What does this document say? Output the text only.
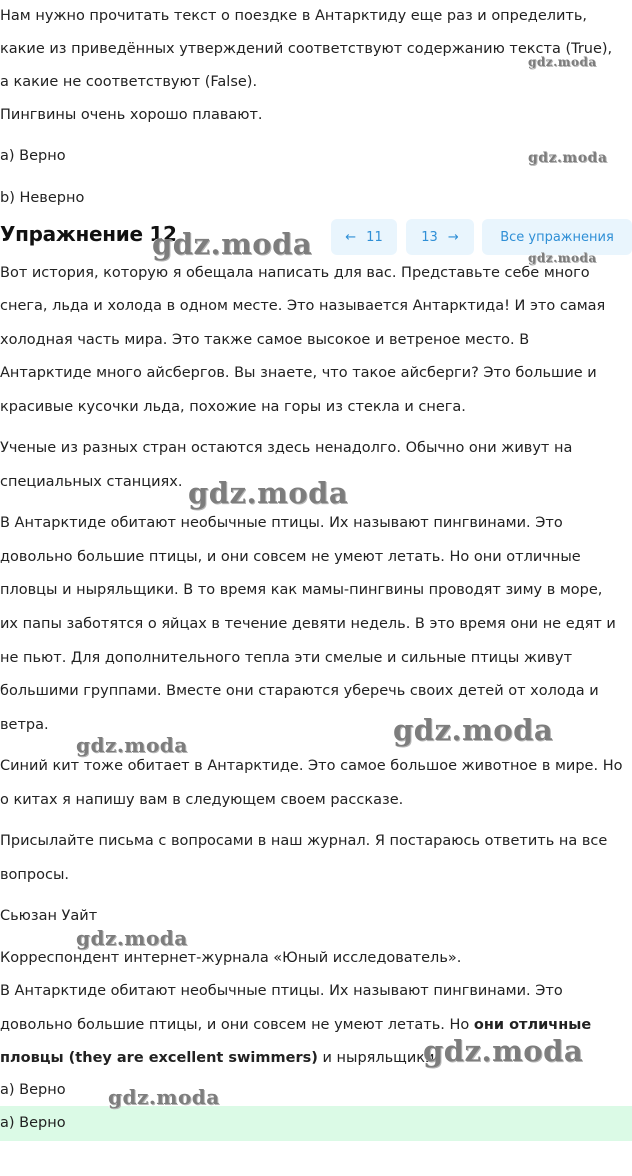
Нам нужно прочитать текст о поездке в Антарктиду еще раз и определить,
какие из приведённых утверждений соответствуют содержанию текста (True),
а какие не соответствуют (False).
Пингвины очень хорошо плавают.
a) Верно
b) Неверно
Упражнение 12	← 11	13 →	Все упражнения
Вот история, которую я обещала написать для вас. Представьте себе много
снега, льда и холода в одном месте. Это называется Антарктида! И это самая
холодная часть мира. Это также самое высокое и ветреное место. В
Антарктиде много айсбергов. Вы знаете, что такое айсберги? Это большие и
красивые кусочки льда, похожие на горы из стекла и снега.
Ученые из разных стран остаются здесь ненадолго. Обычно они живут на
специальных станциях.
В Антарктиде обитают необычные птицы. Их называют пингвинами. Это
довольно большие птицы, и они совсем не умеют летать. Но они отличные
пловцы и ныряльщики. В то время как мамы-пингвины проводят зиму в море,
их папы заботятся о яйцах в течение девяти недель. В это время они не едят и
не пьют. Для дополнительного тепла эти смелые и сильные птицы живут
большими группами. Вместе они стараются уберечь своих детей от холода и
ветра.
Синий кит тоже обитает в Антарктиде. Это самое большое животное в мире. Но
о китах я напишу вам в следующем своем рассказе.
Присылайте письма с вопросами в наш журнал. Я постараюсь ответить на все
вопросы.
Сьюзан Уайт
Корреспондент интернет-журнала «Юный исследователь».
В Антарктиде обитают необычные птицы. Их называют пингвинами. Это
довольно большие птицы, и они совсем не умеют летать. Но они отличные
пловцы (they are excellent swimmers) и ныряльщики.
a) Верно
a) Верно
gdz.moda
gdz.moda
gdz.moda
gdz.moda
gdz.moda
gdz.moda
gdz.moda
gdz.moda
gdz.moda
gdz.moda
